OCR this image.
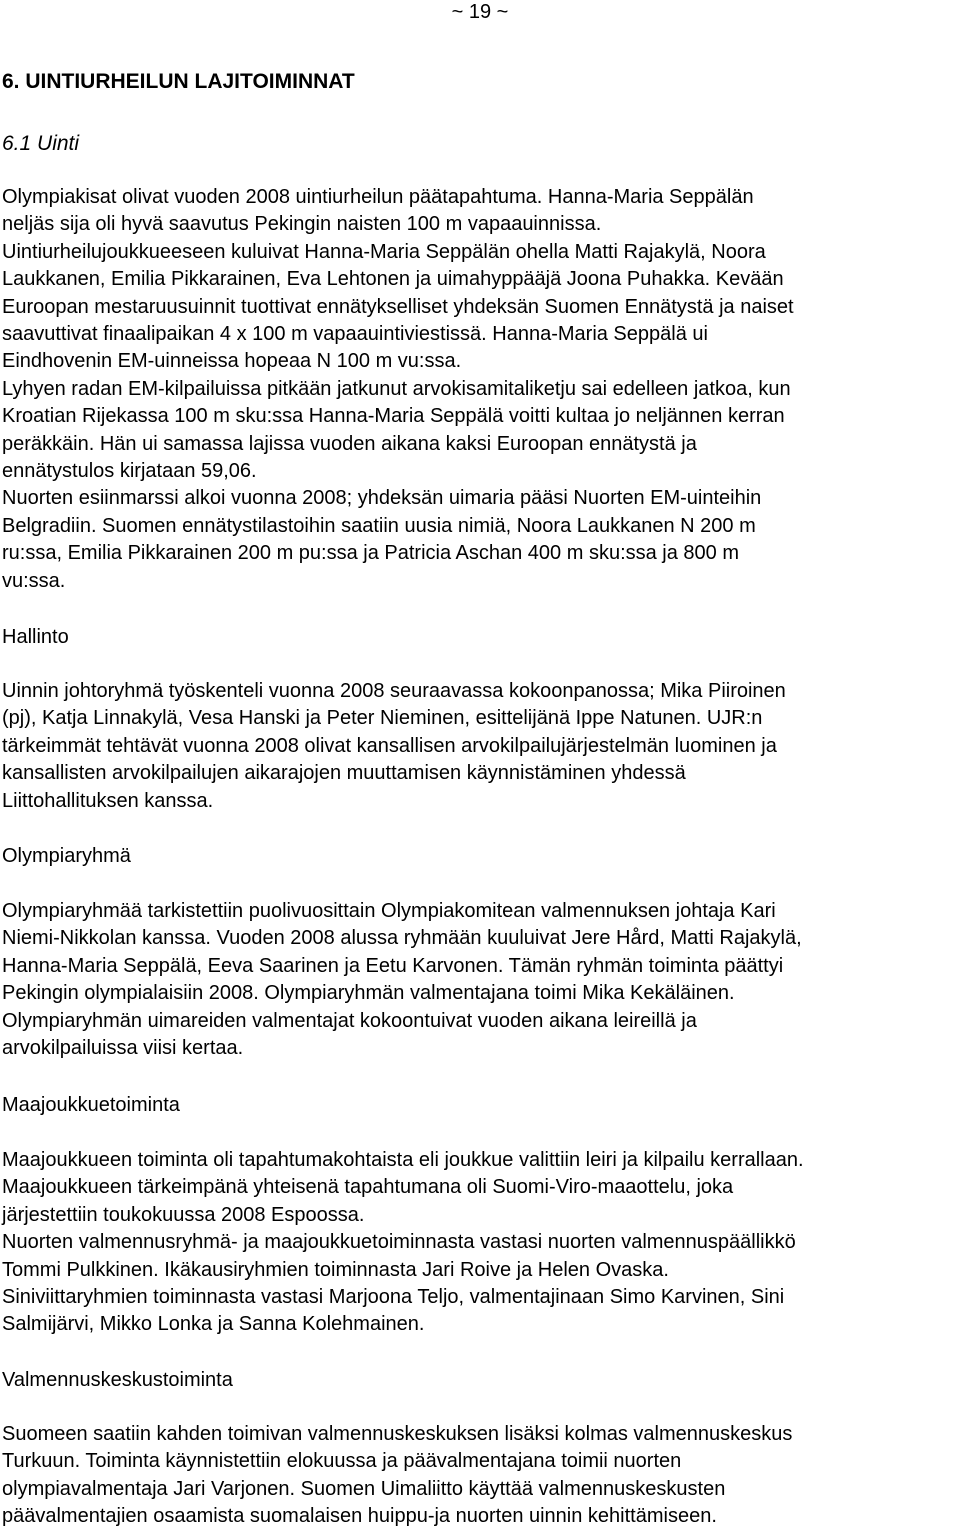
~ 19 ~
6. UINTIURHEILUN LAJITOIMINNAT
6.1 Uinti

Olympiakisat olivat vuoden 2008 uintiurheilun päätapahtuma. Hanna-Maria Seppälän

neljäs sija oli hyvä saavutus Pekingin naisten 100 m vapaauinnissa.

Uintiurheilujoukkueeseen kuluivat Hanna-Maria Seppälän ohella Matti Rajakylä, Noora

Laukkanen, Emilia Pikkarainen, Eva Lehtonen ja uimahyppääjä Joona Puhakka. Kevään

Euroopan mestaruusuinnit tuottivat ennätykselliset yhdeksän Suomen Ennätystä ja naiset

saavuttivat finaalipaikan 4 x 100 m vapaauintiviestissä. Hanna-Maria Seppälä ui

Eindhovenin EM-uinneissa hopeaa N 100 m vu:ssa.

Lyhyen radan EM-kilpailuissa pitkään jatkunut arvokisamitaliketju sai edelleen jatkoa, kun

Kroatian Rijekassa 100 m sku:ssa Hanna-Maria Seppälä voitti kultaa jo neljännen kerran

peräkkäin. Hän ui samassa lajissa vuoden aikana kaksi Euroopan ennätystä ja

ennätystulos kirjataan 59,06.

Nuorten esiinmarssi alkoi vuonna 2008; yhdeksän uimaria pääsi Nuorten EM-uinteihin

Belgradiin. Suomen ennätystilastoihin saatiin uusia nimiä, Noora Laukkanen N 200 m

ru:ssa, Emilia Pikkarainen 200 m pu:ssa ja Patricia Aschan 400 m sku:ssa ja 800 m

vu:ssa.

Hallinto

Uinnin johtoryhmä työskenteli vuonna 2008 seuraavassa kokoonpanossa; Mika Piiroinen

(pj), Katja Linnakylä, Vesa Hanski ja Peter Nieminen, esittelijänä Ippe Natunen. UJR:n

tärkeimmät tehtävät vuonna 2008 olivat kansallisen arvokilpailujärjestelmän luominen ja

kansallisten arvokilpailujen aikarajojen muuttamisen käynnistäminen yhdessä

Liittohallituksen kanssa.

Olympiaryhmä

Olympiaryhmää tarkistettiin puolivuosittain Olympiakomitean valmennuksen johtaja Kari

Niemi-Nikkolan kanssa. Vuoden 2008 alussa ryhmään kuuluivat Jere Hård, Matti Rajakylä,

Hanna-Maria Seppälä, Eeva Saarinen ja Eetu Karvonen. Tämän ryhmän toiminta päättyi

Pekingin olympialaisiin 2008. Olympiaryhmän valmentajana toimi Mika Kekäläinen.

Olympiaryhmän uimareiden valmentajat kokoontuivat vuoden aikana leireillä ja

arvokilpailuissa viisi kertaa.

Maajoukkuetoiminta

Maajoukkueen toiminta oli tapahtumakohtaista eli joukkue valittiin leiri ja kilpailu kerrallaan.

Maajoukkueen tärkeimpänä yhteisenä tapahtumana oli Suomi-Viro-maaottelu, joka

järjestettiin toukokuussa 2008 Espoossa.

Nuorten valmennusryhmä- ja maajoukkuetoiminnasta vastasi nuorten valmennuspäällikkö

Tommi Pulkkinen. Ikäkausiryhmien toiminnasta Jari Roive ja Helen Ovaska.

Siniviittaryhmien toiminnasta vastasi Marjoona Teljo, valmentajinaan Simo Karvinen, Sini

Salmijärvi, Mikko Lonka ja Sanna Kolehmainen.

Valmennuskeskustoiminta

Suomeen saatiin kahden toimivan valmennuskeskuksen lisäksi kolmas valmennuskeskus

Turkuun. Toiminta käynnistettiin elokuussa ja päävalmentajana toimii nuorten

olympiavalmentaja Jari Varjonen. Suomen Uimaliitto käyttää valmennuskeskusten

päävalmentajien osaamista suomalaisen huippu-ja nuorten uinnin kehittämiseen.
